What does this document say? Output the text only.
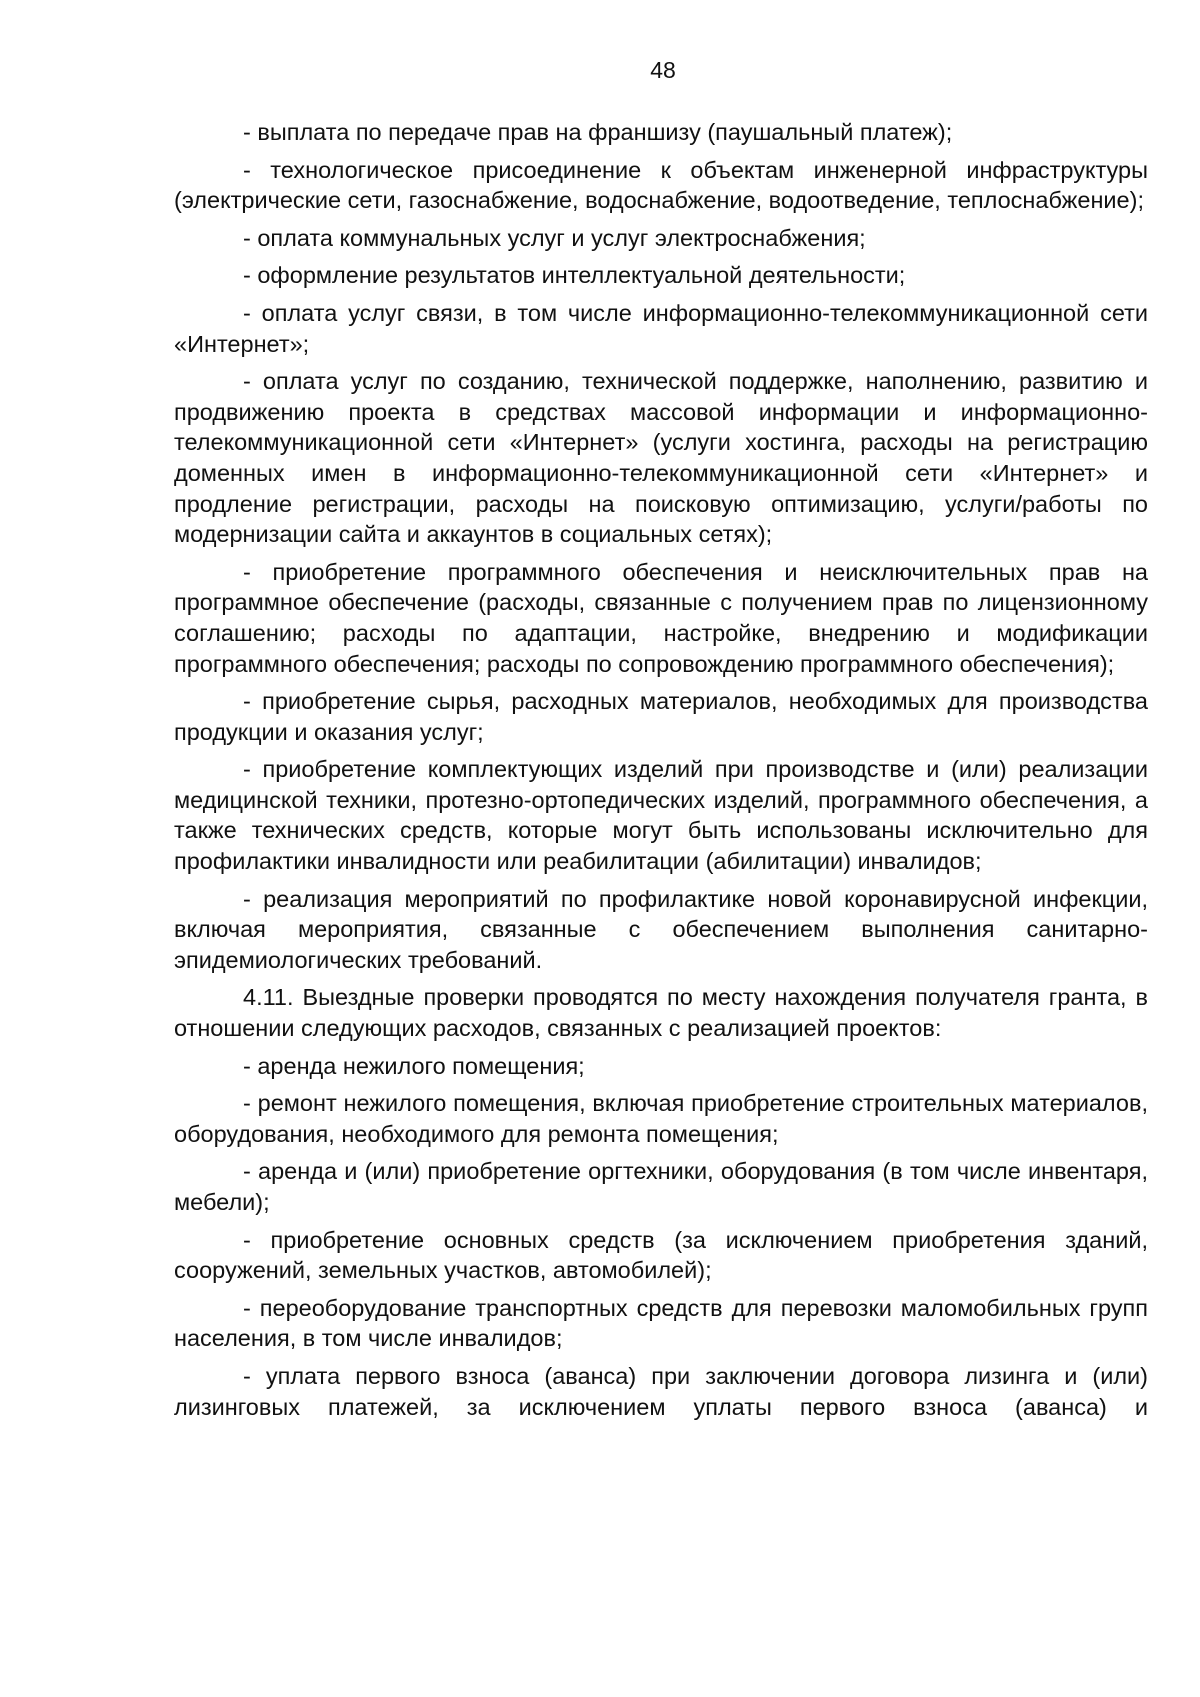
48

- выплата по передаче прав на франшизу (паушальный платеж);

- технологическое присоединение к объектам инженерной инфраструктуры (электрические сети, газоснабжение, водоснабжение, водоотведение, теплоснабжение);

- оплата коммунальных услуг и услуг электроснабжения;

- оформление результатов интеллектуальной деятельности;

- оплата услуг связи, в том числе информационно-телекоммуникационной сети «Интернет»;

- оплата услуг по созданию, технической поддержке, наполнению, развитию и продвижению проекта в средствах массовой информации и информационно-телекоммуникационной сети «Интернет» (услуги хостинга, расходы на регистрацию доменных имен в информационно-телекоммуникационной сети «Интернет» и продление регистрации, расходы на поисковую оптимизацию, услуги/работы по модернизации сайта и аккаунтов в социальных сетях);

- приобретение программного обеспечения и неисключительных прав на программное обеспечение (расходы, связанные с получением прав по лицензионному соглашению; расходы по адаптации, настройке, внедрению и модификации программного обеспечения; расходы по сопровождению программного обеспечения);

- приобретение сырья, расходных материалов, необходимых для производства продукции и оказания услуг;

- приобретение комплектующих изделий при производстве и (или) реализации медицинской техники, протезно-ортопедических изделий, программного обеспечения, а также технических средств, которые могут быть использованы исключительно для профилактики инвалидности или реабилитации (абилитации) инвалидов;

- реализация мероприятий по профилактике новой коронавирусной инфекции, включая мероприятия, связанные с обеспечением выполнения санитарно-эпидемиологических требований.

4.11. Выездные проверки проводятся по месту нахождения получателя гранта, в отношении следующих расходов, связанных с реализацией проектов:

- аренда нежилого помещения;

- ремонт нежилого помещения, включая приобретение строительных материалов, оборудования, необходимого для ремонта помещения;

- аренда и (или) приобретение оргтехники, оборудования (в том числе инвентаря, мебели);

- приобретение основных средств (за исключением приобретения зданий, сооружений, земельных участков, автомобилей);

- переоборудование транспортных средств для перевозки маломобильных групп населения, в том числе инвалидов;

- уплата первого взноса (аванса) при заключении договора лизинга и (или) лизинговых платежей, за исключением уплаты первого взноса (аванса) и
